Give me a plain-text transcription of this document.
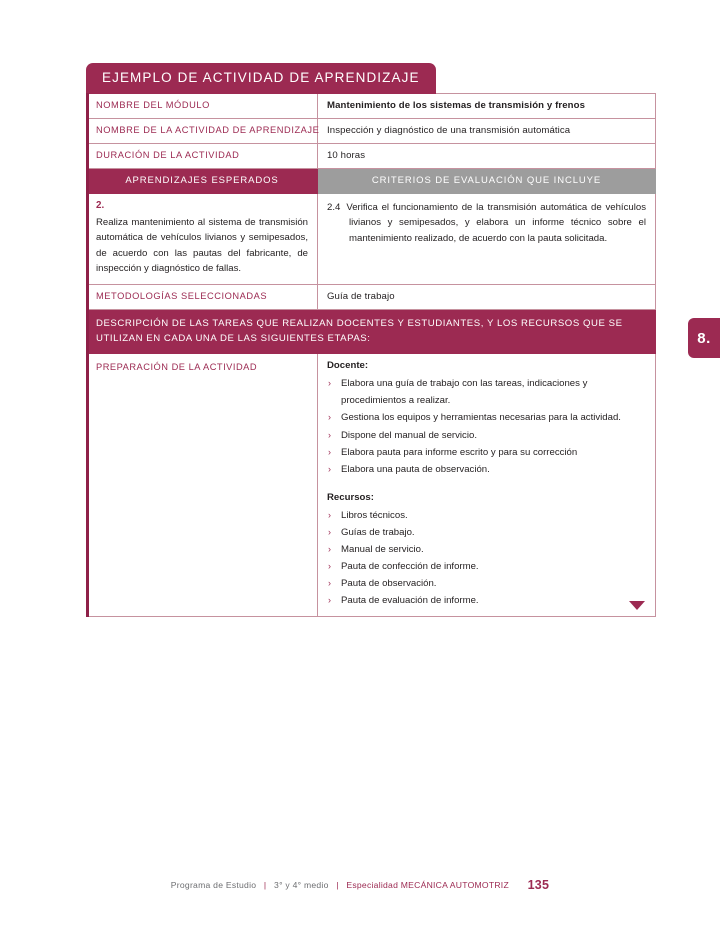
8.
EJEMPLO DE ACTIVIDAD DE APRENDIZAJE
NOMBRE DEL MÓDULO	Mantenimiento de los sistemas de transmisión y frenos
NOMBRE DE LA ACTIVIDAD DE APRENDIZAJE	Inspección y diagnóstico de una transmisión automática
DURACIÓN DE LA ACTIVIDAD	10 horas
APRENDIZAJES ESPERADOS	CRITERIOS DE EVALUACIÓN QUE INCLUYE

2.
Realiza mantenimiento al sistema de transmisión automática de vehículos livianos y semipesados, de acuerdo con las pautas del fabricante, de inspección y diagnóstico de fallas.	2.4 Verifica el funcionamiento de la transmisión automática de vehículos livianos y semipesados, y elabora un informe técnico sobre el mantenimiento realizado, de acuerdo con la pauta solicitada.

METODOLOGÍAS SELECCIONADAS	Guía de trabajo
DESCRIPCIÓN DE LAS TAREAS QUE REALIZAN DOCENTES Y ESTUDIANTES, Y LOS RECURSOS QUE SE UTILIZAN EN CADA UNA DE LAS SIGUIENTES ETAPAS:	
PREPARACIÓN DE LA ACTIVIDAD	Docente:

› Elabora una guía de trabajo con las tareas, indicaciones y procedimientos a realizar.
› Gestiona los equipos y herramientas necesarias para la actividad.
› Dispone del manual de servicio.
› Elabora pauta para informe escrito y para su corrección
› Elabora una pauta de observación.

Recursos:

› Libros técnicos.
› Guías de trabajo.
› Manual de servicio.
› Pauta de confección de informe.
› Pauta de observación.
› Pauta de evaluación de informe.
Programa de Estudio | 3° y 4° medio | Especialidad MECÁNICA AUTOMOTRIZ 135
